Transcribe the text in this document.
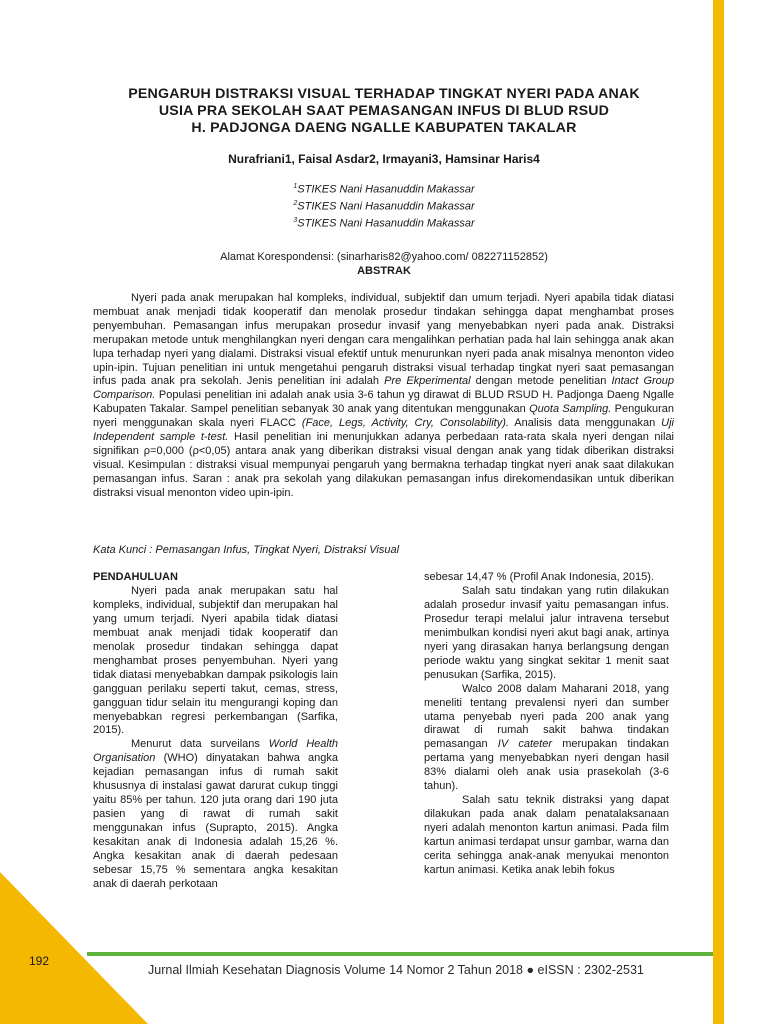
PENGARUH DISTRAKSI VISUAL TERHADAP TINGKAT NYERI PADA ANAK
USIA PRA SEKOLAH SAAT PEMASANGAN INFUS DI BLUD RSUD
H. PADJONGA DAENG NGALLE KABUPATEN TAKALAR
Nurafriani1, Faisal Asdar2, Irmayani3, Hamsinar Haris4
$^1$STIKES Nani Hasanuddin Makassar
$^2$STIKES Nani Hasanuddin Makassar
$^3$STIKES Nani Hasanuddin Makassar
Alamat Korespondensi: (sinarharis82@yahoo.com/ 082271152852)
ABSTRAK
Nyeri pada anak merupakan hal kompleks, individual, subjektif dan umum terjadi. Nyeri apabila tidak diatasi membuat anak menjadi tidak kooperatif dan menolak prosedur tindakan sehingga dapat menghambat proses penyembuhan. Pemasangan infus merupakan prosedur invasif yang menyebabkan nyeri pada anak. Distraksi merupakan metode untuk menghilangkan nyeri dengan cara mengalihkan perhatian pada hal lain sehingga anak akan lupa terhadap nyeri yang dialami. Distraksi visual efektif untuk menurunkan nyeri pada anak misalnya menonton video upin-ipin. Tujuan penelitian ini untuk mengetahui pengaruh distraksi visual terhadap tingkat nyeri saat pemasangan infus pada anak pra sekolah. Jenis penelitian ini adalah Pre Ekperimental dengan metode penelitian Intact Group Comparison. Populasi penelitian ini adalah anak usia 3-6 tahun yg dirawat di BLUD RSUD H. Padjonga Daeng Ngalle Kabupaten Takalar. Sampel penelitian sebanyak 30 anak yang ditentukan menggunakan Quota Sampling. Pengukuran nyeri menggunakan skala nyeri FLACC (Face, Legs, Activity, Cry, Consolability). Analisis data menggunakan Uji Independent sample t-test. Hasil penelitian ini menunjukkan adanya perbedaan rata-rata skala nyeri dengan nilai signifikan ρ=0,000 (ρ<0,05) antara anak yang diberikan distraksi visual dengan anak yang tidak diberikan distraksi visual. Kesimpulan : distraksi visual mempunyai pengaruh yang bermakna terhadap tingkat nyeri anak saat dilakukan pemasangan infus. Saran : anak pra sekolah yang dilakukan pemasangan infus direkomendasikan untuk diberikan distraksi visual menonton video upin-ipin.
Kata Kunci : Pemasangan Infus, Tingkat Nyeri, Distraksi Visual
PENDAHULUAN

Nyeri pada anak merupakan satu hal kompleks, individual, subjektif dan merupakan hal yang umum terjadi. Nyeri apabila tidak diatasi membuat anak menjadi tidak kooperatif dan menolak prosedur tindakan sehingga dapat menghambat proses penyembuhan. Nyeri yang tidak diatasi menyebabkan dampak psikologis lain gangguan perilaku seperti takut, cemas, stress, gangguan tidur selain itu mengurangi koping dan menyebabkan regresi perkembangan (Sarfika, 2015).

Menurut data surveilans World Health Organisation (WHO) dinyatakan bahwa angka kejadian pemasangan infus di rumah sakit khususnya di instalasi gawat darurat cukup tinggi yaitu 85% per tahun. 120 juta orang dari 190 juta pasien yang di rawat di rumah sakit menggunakan infus (Suprapto, 2015). Angka kesakitan anak di Indonesia adalah 15,26 %. Angka kesakitan anak di daerah pedesaan sebesar 15,75 % sementara angka kesakitan anak di daerah perkotaan

sebesar 14,47 % (Profil Anak Indonesia, 2015).

Salah satu tindakan yang rutin dilakukan adalah prosedur invasif yaitu pemasangan infus. Prosedur terapi melalui jalur intravena tersebut menimbulkan kondisi nyeri akut bagi anak, artinya nyeri yang dirasakan hanya berlangsung dengan periode waktu yang singkat sekitar 1 menit saat penusukan (Sarfika, 2015).

Walco 2008 dalam Maharani 2018, yang meneliti tentang prevalensi nyeri dan sumber utama penyebab nyeri pada 200 anak yang dirawat di rumah sakit bahwa tindakan pemasangan IV cateter merupakan tindakan pertama yang menyebabkan nyeri dengan hasil 83% dialami oleh anak usia prasekolah (3-6 tahun).

Salah satu teknik distraksi yang dapat dilakukan pada anak dalam penatalaksanaan nyeri adalah menonton kartun animasi. Pada film kartun animasi terdapat unsur gambar, warna dan cerita sehingga anak-anak menyukai menonton kartun animasi. Ketika anak lebih fokus

192
Jurnal Ilmiah Kesehatan Diagnosis Volume 14 Nomor 2 Tahun 2018 ● eISSN : 2302-2531
